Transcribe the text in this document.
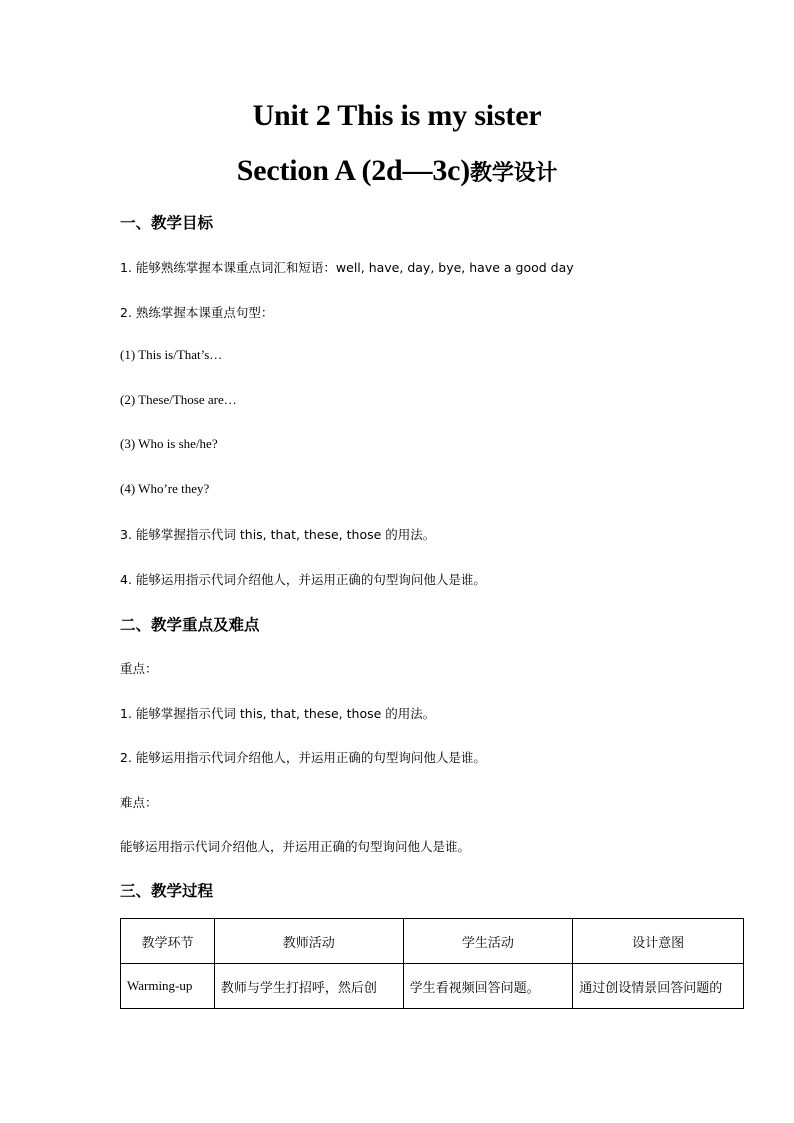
Unit 2 This is my sister
Section A (2d—3c)教学设计
一、教学目标
1. 能够熟练掌握本课重点词汇和短语：well, have, day, bye, have a good day
2. 熟练掌握本课重点句型：
(1) This is/That’s…
(2) These/Those are…
(3) Who is she/he?
(4) Who’re they?
3. 能够掌握指示代词 this, that, these, those 的用法。
4. 能够运用指示代词介绍他人，并运用正确的句型询问他人是谁。
二、教学重点及难点
重点：
1. 能够掌握指示代词 this, that, these, those 的用法。
2. 能够运用指示代词介绍他人，并运用正确的句型询问他人是谁。
难点：
能够运用指示代词介绍他人，并运用正确的句型询问他人是谁。
三、教学过程
教学环节	教师活动	学生活动	设计意图
Warming-up	教师与学生打招呼，然后创	学生看视频回答问题。	通过创设情景回答问题的
